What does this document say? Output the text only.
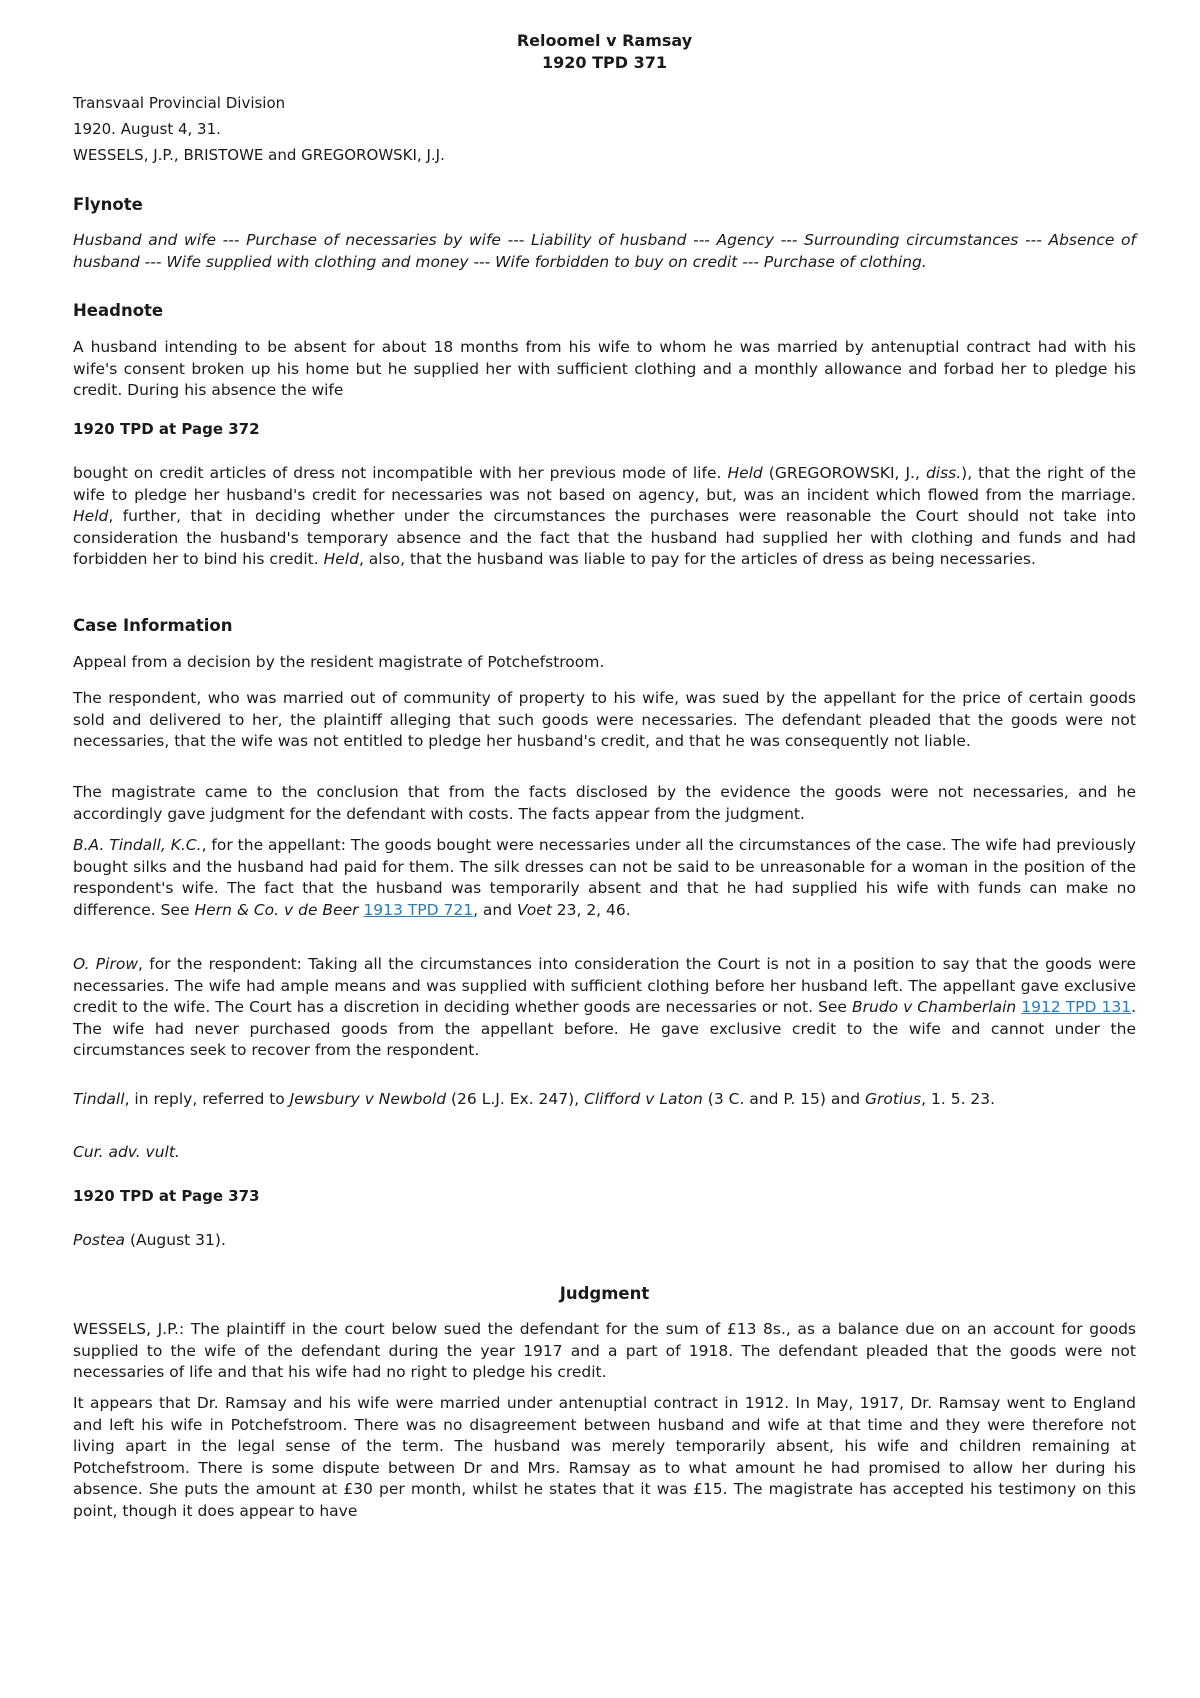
Reloomel v Ramsay
1920 TPD 371

Transvaal Provincial Division

1920. August 4, 31.

WESSELS, J.P., BRISTOWE and GREGOROWSKI, J.J.

Flynote

Husband and wife --- Purchase of necessaries by wife --- Liability of husband --- Agency --- Surrounding circumstances --- Absence of husband --- Wife supplied with clothing and money --- Wife forbidden to buy on credit --- Purchase of clothing.

Headnote

A husband intending to be absent for about 18 months from his wife to whom he was married by antenuptial contract had with his wife's consent broken up his home but he supplied her with sufficient clothing and a monthly allowance and forbad her to pledge his credit. During his absence the wife

1920 TPD at Page 372

bought on credit articles of dress not incompatible with her previous mode of life. Held (GREGOROWSKI, J., diss.), that the right of the wife to pledge her husband's credit for necessaries was not based on agency, but, was an incident which flowed from the marriage. Held, further, that in deciding whether under the circumstances the purchases were reasonable the Court should not take into consideration the husband's temporary absence and the fact that the husband had supplied her with clothing and funds and had forbidden her to bind his credit. Held, also, that the husband was liable to pay for the articles of dress as being necessaries.

Case Information

Appeal from a decision by the resident magistrate of Potchefstroom.

The respondent, who was married out of community of property to his wife, was sued by the appellant for the price of certain goods sold and delivered to her, the plaintiff alleging that such goods were necessaries. The defendant pleaded that the goods were not necessaries, that the wife was not entitled to pledge her husband's credit, and that he was consequently not liable.

The magistrate came to the conclusion that from the facts disclosed by the evidence the goods were not necessaries, and he accordingly gave judgment for the defendant with costs. The facts appear from the judgment.

B.A. Tindall, K.C., for the appellant: The goods bought were necessaries under all the circumstances of the case. The wife had previously bought silks and the husband had paid for them. The silk dresses can not be said to be unreasonable for a woman in the position of the respondent's wife. The fact that the husband was temporarily absent and that he had supplied his wife with funds can make no difference. See Hern & Co. v de Beer 1913 TPD 721, and Voet 23, 2, 46.

O. Pirow, for the respondent: Taking all the circumstances into consideration the Court is not in a position to say that the goods were necessaries. The wife had ample means and was supplied with sufficient clothing before her husband left. The appellant gave exclusive credit to the wife. The Court has a discretion in deciding whether goods are necessaries or not. See Brudo v Chamberlain 1912 TPD 131. The wife had never purchased goods from the appellant before. He gave exclusive credit to the wife and cannot under the circumstances seek to recover from the respondent.

Tindall, in reply, referred to Jewsbury v Newbold (26 L.J. Ex. 247), Clifford v Laton (3 C. and P. 15) and Grotius, 1. 5. 23.

Cur. adv. vult.

1920 TPD at Page 373

Postea (August 31).

Judgment

WESSELS, J.P.: The plaintiff in the court below sued the defendant for the sum of £13 8s., as a balance due on an account for goods supplied to the wife of the defendant during the year 1917 and a part of 1918. The defendant pleaded that the goods were not necessaries of life and that his wife had no right to pledge his credit.

It appears that Dr. Ramsay and his wife were married under antenuptial contract in 1912. In May, 1917, Dr. Ramsay went to England and left his wife in Potchefstroom. There was no disagreement between husband and wife at that time and they were therefore not living apart in the legal sense of the term. The husband was merely temporarily absent, his wife and children remaining at Potchefstroom. There is some dispute between Dr and Mrs. Ramsay as to what amount he had promised to allow her during his absence. She puts the amount at £30 per month, whilst he states that it was £15. The magistrate has accepted his testimony on this point, though it does appear to have
